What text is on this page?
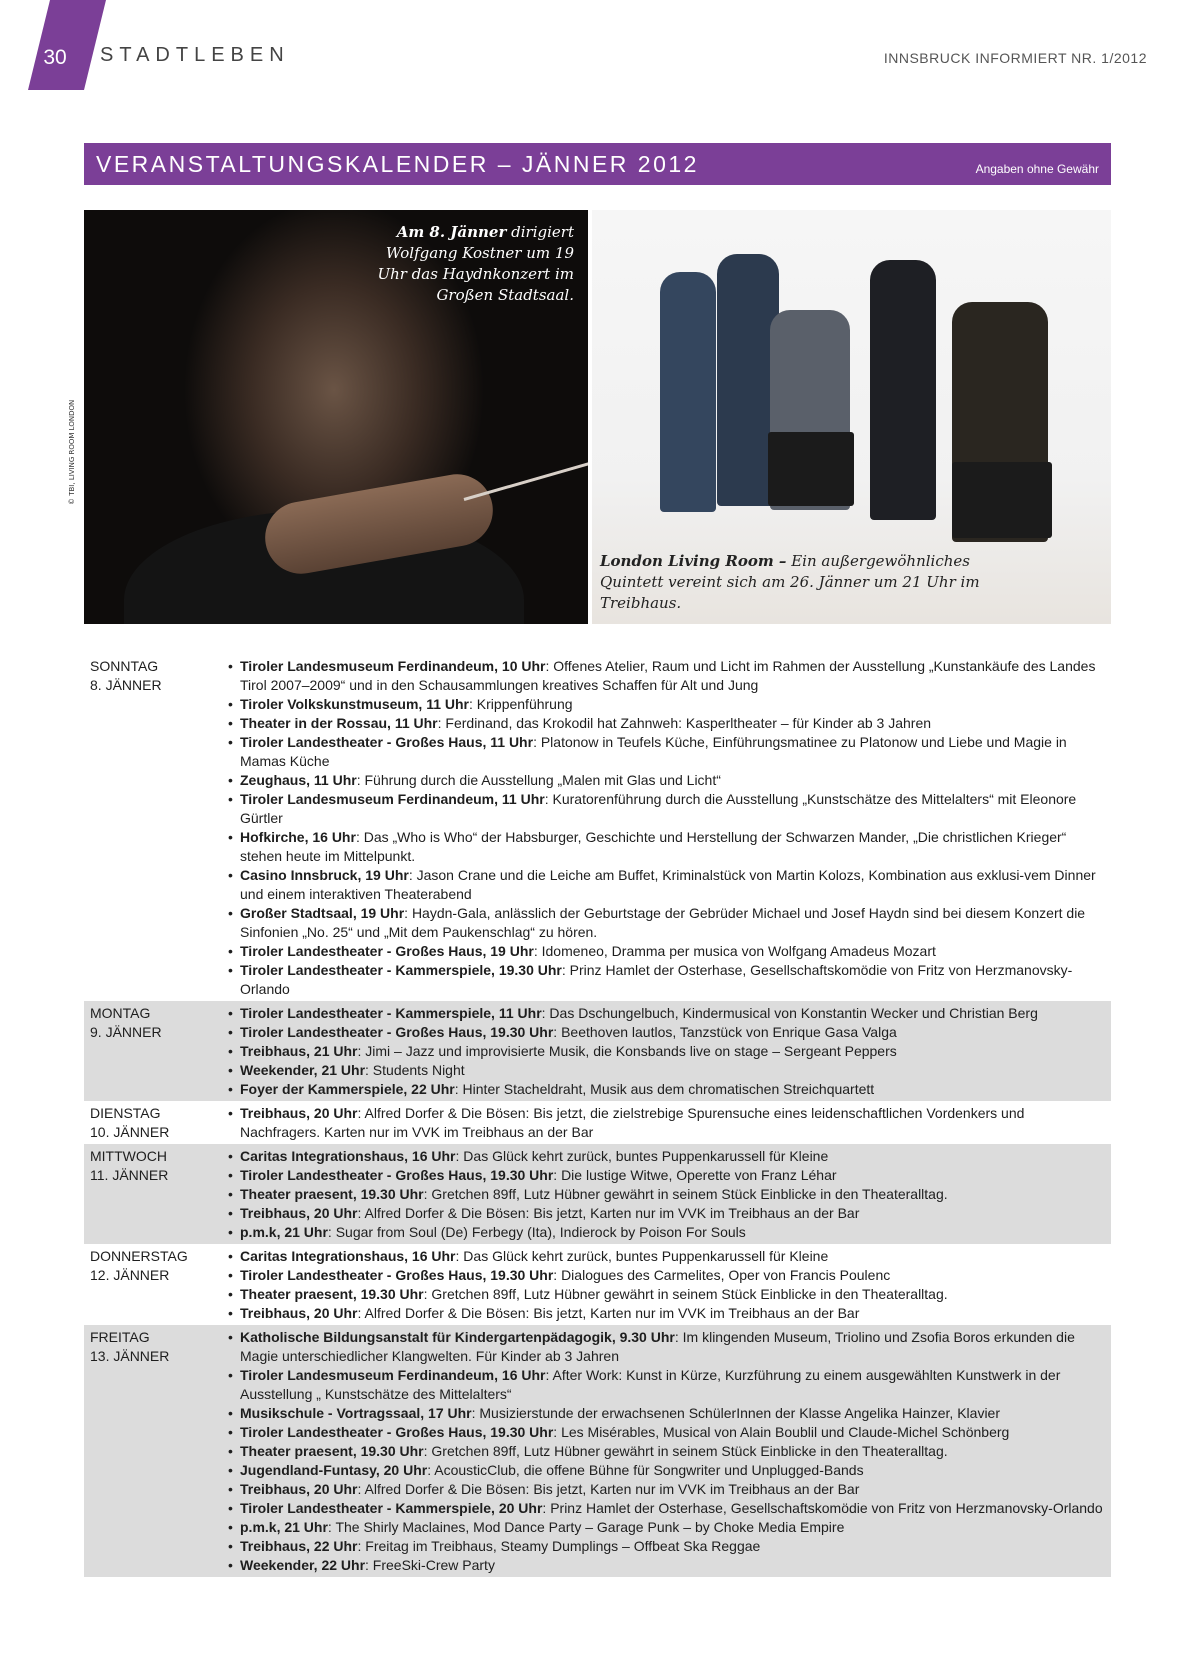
30	STADTLEBEN	INNSBRUCK INFORMIERT NR. 1/2012
VERANSTALTUNGSKALENDER – JÄNNER 2012	Angaben ohne Gewähr
Am 8. Jänner dirigiert Wolfgang Kostner um 19 Uhr das Haydnkonzert im Großen Stadtsaal.
© TBI, LIVING ROOM LONDON
London Living Room – Ein außergewöhnliches Quintett vereint sich am 26. Jänner um 21 Uhr im Treibhaus.
SONNTAG
8. JÄNNER
• Tiroler Landesmuseum Ferdinandeum, 10 Uhr: Offenes Atelier, Raum und Licht im Rahmen der Ausstellung „Kunstankäufe des Landes Tirol 2007–2009“ und in den Schausammlungen kreatives Schaffen für Alt und Jung
• Tiroler Volkskunstmuseum, 11 Uhr: Krippenführung
• Theater in der Rossau, 11 Uhr: Ferdinand, das Krokodil hat Zahnweh: Kasperltheater – für Kinder ab 3 Jahren
• Tiroler Landestheater - Großes Haus, 11 Uhr: Platonow in Teufels Küche, Einführungsmatinee zu Platonow und Liebe und Magie in Mamas Küche
• Zeughaus, 11 Uhr: Führung durch die Ausstellung „Malen mit Glas und Licht“
• Tiroler Landesmuseum Ferdinandeum, 11 Uhr: Kuratorenführung durch die Ausstellung „Kunstschätze des Mittelalters“ mit Eleonore Gürtler
• Hofkirche, 16 Uhr: Das „Who is Who“ der Habsburger, Geschichte und Herstellung der Schwarzen Mander, „Die christlichen Krieger“ stehen heute im Mittelpunkt.
• Casino Innsbruck, 19 Uhr: Jason Crane und die Leiche am Buffet, Kriminalstück von Martin Kolozs, Kombination aus exklusi-vem Dinner und einem interaktiven Theaterabend
• Großer Stadtsaal, 19 Uhr: Haydn-Gala, anlässlich der Geburtstage der Gebrüder Michael und Josef Haydn sind bei diesem Konzert die Sinfonien „No. 25“ und „Mit dem Paukenschlag“ zu hören.
• Tiroler Landestheater - Großes Haus, 19 Uhr: Idomeneo, Dramma per musica von Wolfgang Amadeus Mozart
• Tiroler Landestheater - Kammerspiele, 19.30 Uhr: Prinz Hamlet der Osterhase, Gesellschaftskomödie von Fritz von Herzmanovsky-Orlando
MONTAG
9. JÄNNER
• Tiroler Landestheater - Kammerspiele, 11 Uhr: Das Dschungelbuch, Kindermusical von Konstantin Wecker und Christian Berg
• Tiroler Landestheater - Großes Haus, 19.30 Uhr: Beethoven lautlos, Tanzstück von Enrique Gasa Valga
• Treibhaus, 21 Uhr: Jimi – Jazz und improvisierte Musik, die Konsbands live on stage – Sergeant Peppers
• Weekender, 21 Uhr: Students Night
• Foyer der Kammerspiele, 22 Uhr: Hinter Stacheldraht, Musik aus dem chromatischen Streichquartett
DIENSTAG
10. JÄNNER
• Treibhaus, 20 Uhr: Alfred Dorfer & Die Bösen: Bis jetzt, die zielstrebige Spurensuche eines leidenschaftlichen Vordenkers und Nachfragers. Karten nur im VVK im Treibhaus an der Bar
MITTWOCH
11. JÄNNER
• Caritas Integrationshaus, 16 Uhr: Das Glück kehrt zurück, buntes Puppenkarussell für Kleine
• Tiroler Landestheater - Großes Haus, 19.30 Uhr: Die lustige Witwe, Operette von Franz Léhar
• Theater praesent, 19.30 Uhr: Gretchen 89ff, Lutz Hübner gewährt in seinem Stück Einblicke in den Theateralltag.
• Treibhaus, 20 Uhr: Alfred Dorfer & Die Bösen: Bis jetzt, Karten nur im VVK im Treibhaus an der Bar
• p.m.k, 21 Uhr: Sugar from Soul (De) Ferbegy (Ita), Indierock by Poison For Souls
DONNERSTAG
12. JÄNNER
• Caritas Integrationshaus, 16 Uhr: Das Glück kehrt zurück, buntes Puppenkarussell für Kleine
• Tiroler Landestheater - Großes Haus, 19.30 Uhr: Dialogues des Carmelites, Oper von Francis Poulenc
• Theater praesent, 19.30 Uhr: Gretchen 89ff, Lutz Hübner gewährt in seinem Stück Einblicke in den Theateralltag.
• Treibhaus, 20 Uhr: Alfred Dorfer & Die Bösen: Bis jetzt, Karten nur im VVK im Treibhaus an der Bar
FREITAG
13. JÄNNER
• Katholische Bildungsanstalt für Kindergartenpädagogik, 9.30 Uhr: Im klingenden Museum, Triolino und Zsofia Boros erkunden die Magie unterschiedlicher Klangwelten. Für Kinder ab 3 Jahren
• Tiroler Landesmuseum Ferdinandeum, 16 Uhr: After Work: Kunst in Kürze, Kurzführung zu einem ausgewählten Kunstwerk in der Ausstellung „ Kunstschätze des Mittelalters“
• Musikschule - Vortragssaal, 17 Uhr: Musizierstunde der erwachsenen SchülerInnen der Klasse Angelika Hainzer, Klavier
• Tiroler Landestheater - Großes Haus, 19.30 Uhr: Les Misérables, Musical von Alain Boublil und Claude-Michel Schönberg
• Theater praesent, 19.30 Uhr: Gretchen 89ff, Lutz Hübner gewährt in seinem Stück Einblicke in den Theateralltag.
• Jugendland-Funtasy, 20 Uhr: AcousticClub, die offene Bühne für Songwriter und Unplugged-Bands
• Treibhaus, 20 Uhr: Alfred Dorfer & Die Bösen: Bis jetzt, Karten nur im VVK im Treibhaus an der Bar
• Tiroler Landestheater - Kammerspiele, 20 Uhr: Prinz Hamlet der Osterhase, Gesellschaftskomödie von Fritz von Herzmanovsky-Orlando
• p.m.k, 21 Uhr: The Shirly Maclaines, Mod Dance Party – Garage Punk – by Choke Media Empire
• Treibhaus, 22 Uhr: Freitag im Treibhaus, Steamy Dumplings – Offbeat Ska Reggae
• Weekender, 22 Uhr: FreeSki-Crew Party
